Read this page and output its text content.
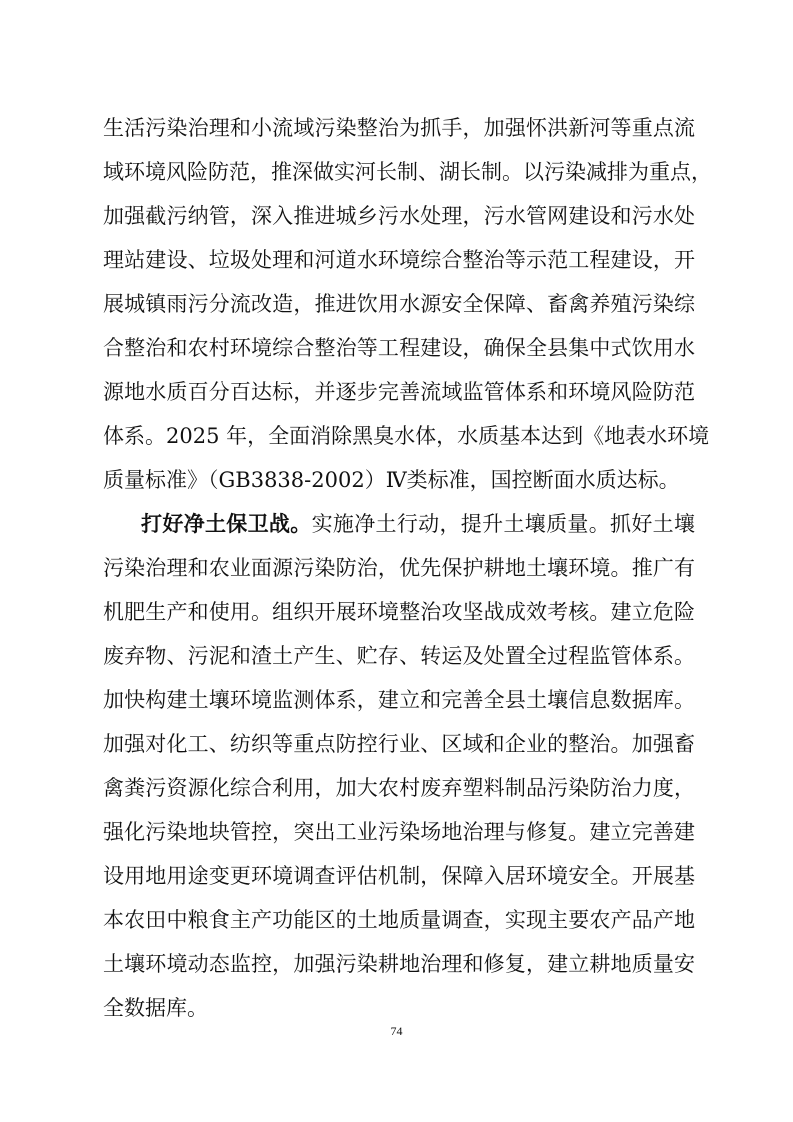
生活污染治理和小流域污染整治为抓手，加强怀洪新河等重点流
域环境风险防范，推深做实河长制、湖长制。以污染减排为重点，
加强截污纳管，深入推进城乡污水处理，污水管网建设和污水处
理站建设、垃圾处理和河道水环境综合整治等示范工程建设，开
展城镇雨污分流改造，推进饮用水源安全保障、畜禽养殖污染综
合整治和农村环境综合整治等工程建设，确保全县集中式饮用水
源地水质百分百达标，并逐步完善流域监管体系和环境风险防范
体系。2025 年，全面消除黑臭水体，水质基本达到《地表水环境
质量标准》（GB3838-2002）Ⅳ类标准，国控断面水质达标。
打好净土保卫战。实施净土行动，提升土壤质量。抓好土壤
污染治理和农业面源污染防治，优先保护耕地土壤环境。推广有
机肥生产和使用。组织开展环境整治攻坚战成效考核。建立危险
废弃物、污泥和渣土产生、贮存、转运及处置全过程监管体系。
加快构建土壤环境监测体系，建立和完善全县土壤信息数据库。
加强对化工、纺织等重点防控行业、区域和企业的整治。加强畜
禽粪污资源化综合利用，加大农村废弃塑料制品污染防治力度，
强化污染地块管控，突出工业污染场地治理与修复。建立完善建
设用地用途变更环境调查评估机制，保障入居环境安全。开展基
本农田中粮食主产功能区的土地质量调查，实现主要农产品产地
土壤环境动态监控，加强污染耕地治理和修复，建立耕地质量安
全数据库。
74
